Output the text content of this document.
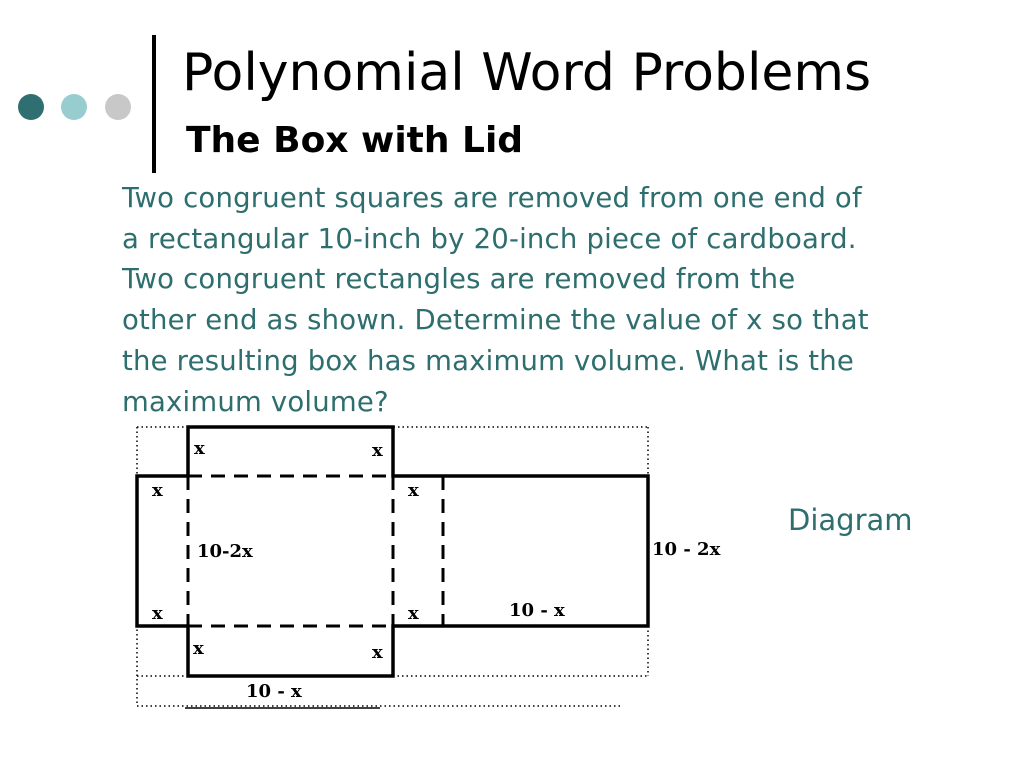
Polynomial Word Problems
The Box with Lid
Two congruent squares are removed from one end of
a rectangular 10-inch by 20-inch piece of cardboard.
Two congruent rectangles are removed from the
other end as shown. Determine the value of x so that
the resulting box has maximum volume. What is the
maximum volume?
Diagram
x	x
x	x
10-2x	10 - 2x
x	x	10 - x
x	x
10 - x
